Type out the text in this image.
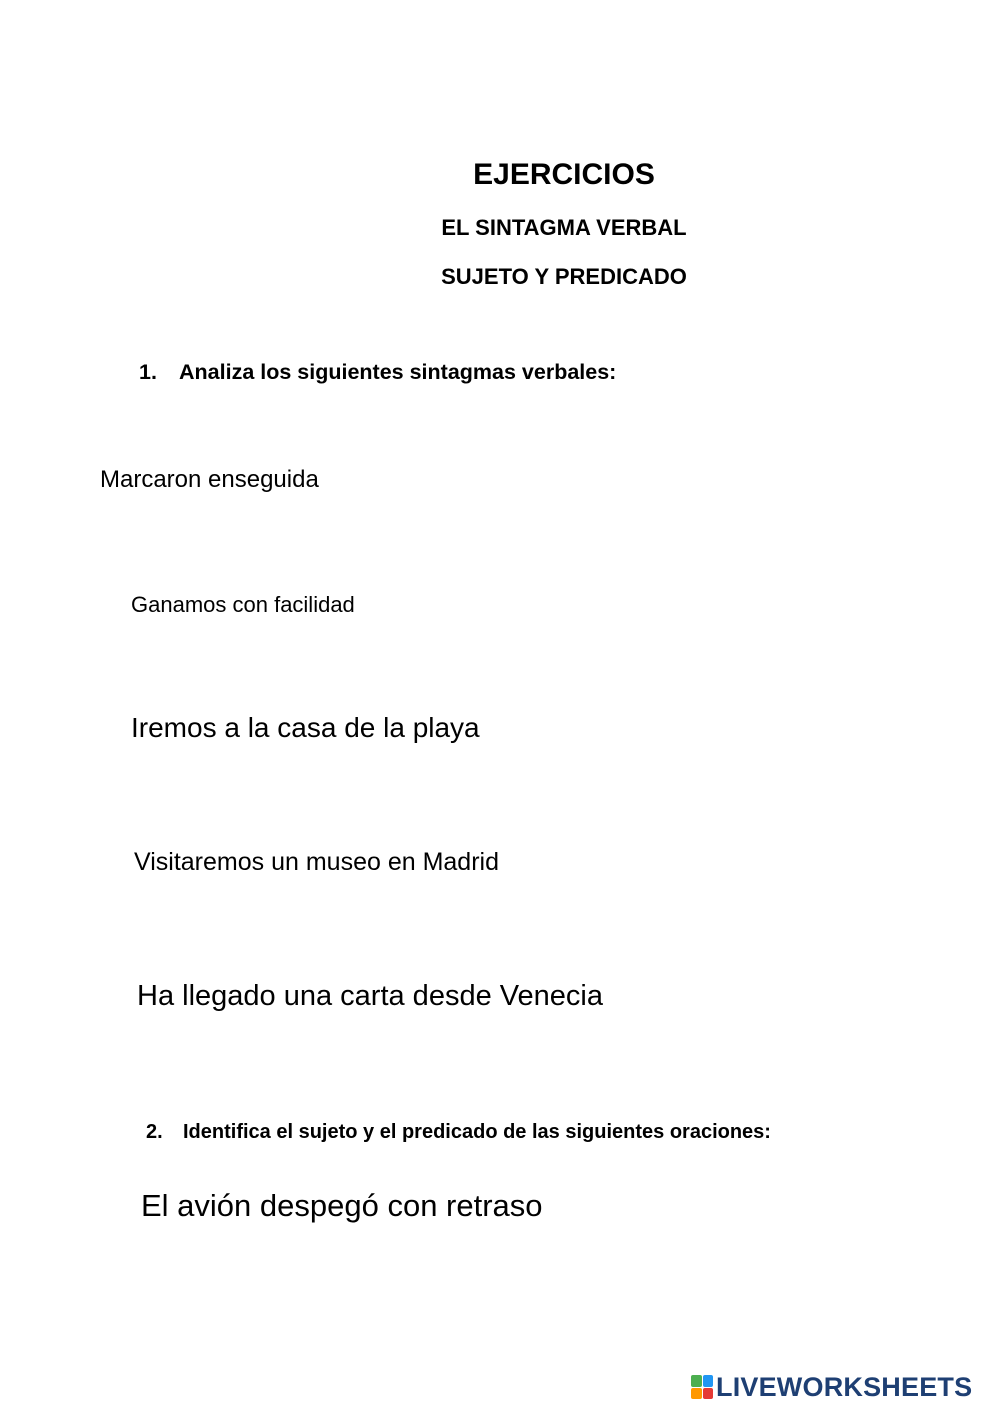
EJERCICIOS
EL SINTAGMA VERBAL
SUJETO Y PREDICADO
1. Analiza los siguientes sintagmas verbales:
Marcaron enseguida
Ganamos con facilidad
Iremos a la casa de la playa
Visitaremos un museo en Madrid
Ha llegado una carta desde Venecia
2. Identifica el sujeto y el predicado de las siguientes oraciones:
El avión despegó con retraso
LIVEWORKSHEETS
